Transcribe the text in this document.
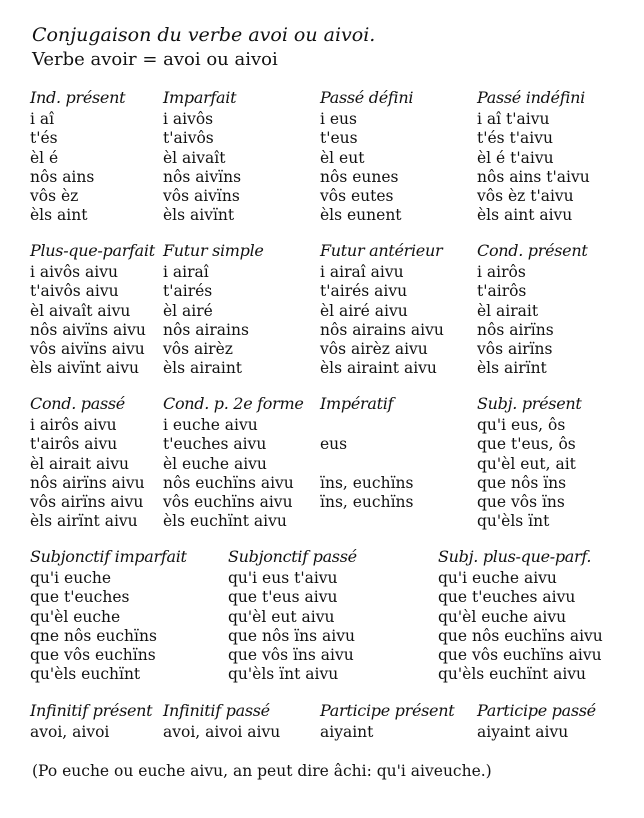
Conjugaison du verbe avoi ou aivoi.
Verbe avoir = avoi ou aivoi
Ind. présent
i aî
t'és
èl é
nôs ains
vôs èz
èls aint
Imparfait
i aivôs
t'aivôs
èl aivaît
nôs aivïns
vôs aivïns
èls aivïnt
Passé défini
i eus
t'eus
èl eut
nôs eunes
vôs eutes
èls eunent
Passé indéfini
i aî t'aivu
t'és t'aivu
èl é t'aivu
nôs ains t'aivu
vôs èz t'aivu
èls aint aivu
Plus-que-parfait
i aivôs aivu
t'aivôs aivu
èl aivaît aivu
nôs aivïns aivu
vôs aivïns aivu
èls aivïnt aivu
Futur simple
i airaî
t'airés
èl airé
nôs airains
vôs airèz
èls airaint
Futur antérieur
i airaî aivu
t'airés aivu
èl airé aivu
nôs airains aivu
vôs airèz aivu
èls airaint aivu
Cond. présent
i airôs
t'airôs
èl airait
nôs airïns
vôs airïns
èls airïnt
Cond. passé
i airôs aivu
t'airôs aivu
èl airait aivu
nôs airïns aivu
vôs airïns aivu
èls airïnt aivu
Cond. p. 2e forme
i euche aivu
t'euches aivu
èl euche aivu
nôs euchïns aivu
vôs euchïns aivu
èls euchïnt aivu
Impératif
eus
ïns, euchïns
ïns, euchïns
Subj. présent
qu'i eus, ôs
que t'eus, ôs
qu'èl eut, ait
que nôs ïns
que vôs ïns
qu'èls ïnt
Subjonctif imparfait
qu'i euche
que t'euches
qu'èl euche
qne nôs euchïns
que vôs euchïns
qu'èls euchïnt
Subjonctif passé
qu'i eus t'aivu
que t'eus aivu
qu'èl eut aivu
que nôs ïns aivu
que vôs ïns aivu
qu'èls ïnt aivu
Subj. plus-que-parf.
qu'i euche aivu
que t'euches aivu
qu'èl euche aivu
que nôs euchïns aivu
que vôs euchïns aivu
qu'èls euchïnt aivu
Infinitif présent
avoi, aivoi
Infinitif passé
avoi, aivoi aivu
Participe présent
aiyaint
Participe passé
aiyaint aivu
(Po euche ou euche aivu, an peut dire âchi: qu'i aiveuche.)
